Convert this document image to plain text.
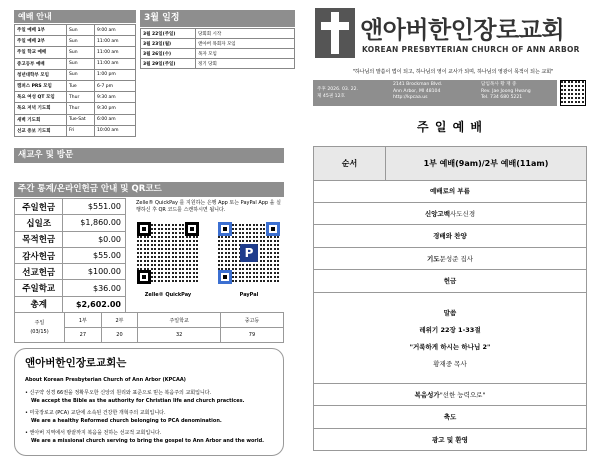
예배 안내
주일 예배 1부	Sun	9:00 am
주일 예배 2부	Sun	11:00 am
주일 학교 예배	Sun	11:00 am
중고등부 예배	Sun	11:00 am
청년대학부 모임	Sun	1:00 pm
캠퍼스 PRS 모임	Tue	6-7 pm
목요 여성 QT 모임	Thur	9:30 am
목요 저녁 기도회	Thur	9:30 pm
새벽 기도회	Tue-Sat	6:00 am
선교 중보 기도회	Fri	10:00 am
3월 일정
3월 22일(주일)	당회회 시작
3월 23일(월)	앤아버 목회자 모임
3월 26일(수)	목자 모임
3월 29일(주일)	정기 당회
앤아버한인장로교회
KOREAN PRESBYTERIAN CHURCH OF ANN ARBOR
"하나님의 말씀이 법이 되고, 하나님의 영이 교사가 되며, 하나님의 영광이 목적이 되는 교회"
주후 2026. 03. 22.
제 45권 12호
2141 Brockman Blvd.
Ann Arbor, MI 48104
http://kpcaa.us
담임목사 황 재 중
Rev. Jae Joong Hwang
Tel. 734 680 5221
새교우 및 방문
주간 통계/온라인헌금 안내 및 QR코드
주일헌금	$551.00
십일조	$1,860.00
목적헌금	$0.00
감사헌금	$55.00
선교헌금	$100.00
주일학교	$36.00
총계	$2,602.00
Zelle® QuickPay 를 지원하는 은행 App 또는 PayPal App 을 실행하신 후 QR 코드를 스캔하시면 됩니다.
P
Zelle® QuickPay	PayPal
주일
(03/15)	1부	2부	주일학교	중고등
	27	20	32	79
앤아버한인장로교회는
About Korean Presbyterian Church of Ann Arbor (KPCAA)
• 신구약 성경 66권을 정확무오한 신앙의 원리와 표준으로 믿는 복음주의 교회입니다.
We accept the Bible as the authority for Christian life and church practices.
• 미국장로교 (PCA) 교단에 소속된 건강한 개혁주의 교회입니다.
We are a healthy Reformed church belonging to PCA denomination.
• 앤아버 지역에서 땅끝까지 복음을 전하는 선교적 교회입니다.
We are a missional church serving to bring the gospel to Ann Arbor and the world.
주 일 예 배
순서	1부 예배(9am)/2부 예배(11am)
예배로의 부름
신앙고백 사도신경
경배와 찬양
기도 문성준 집사
헌금
말씀
레위기 22장 1-33절
"거룩하게 하시는 하나님 2"
황재중 목사
복음성가 "선한 능력으로"
축도
광고 및 환영
